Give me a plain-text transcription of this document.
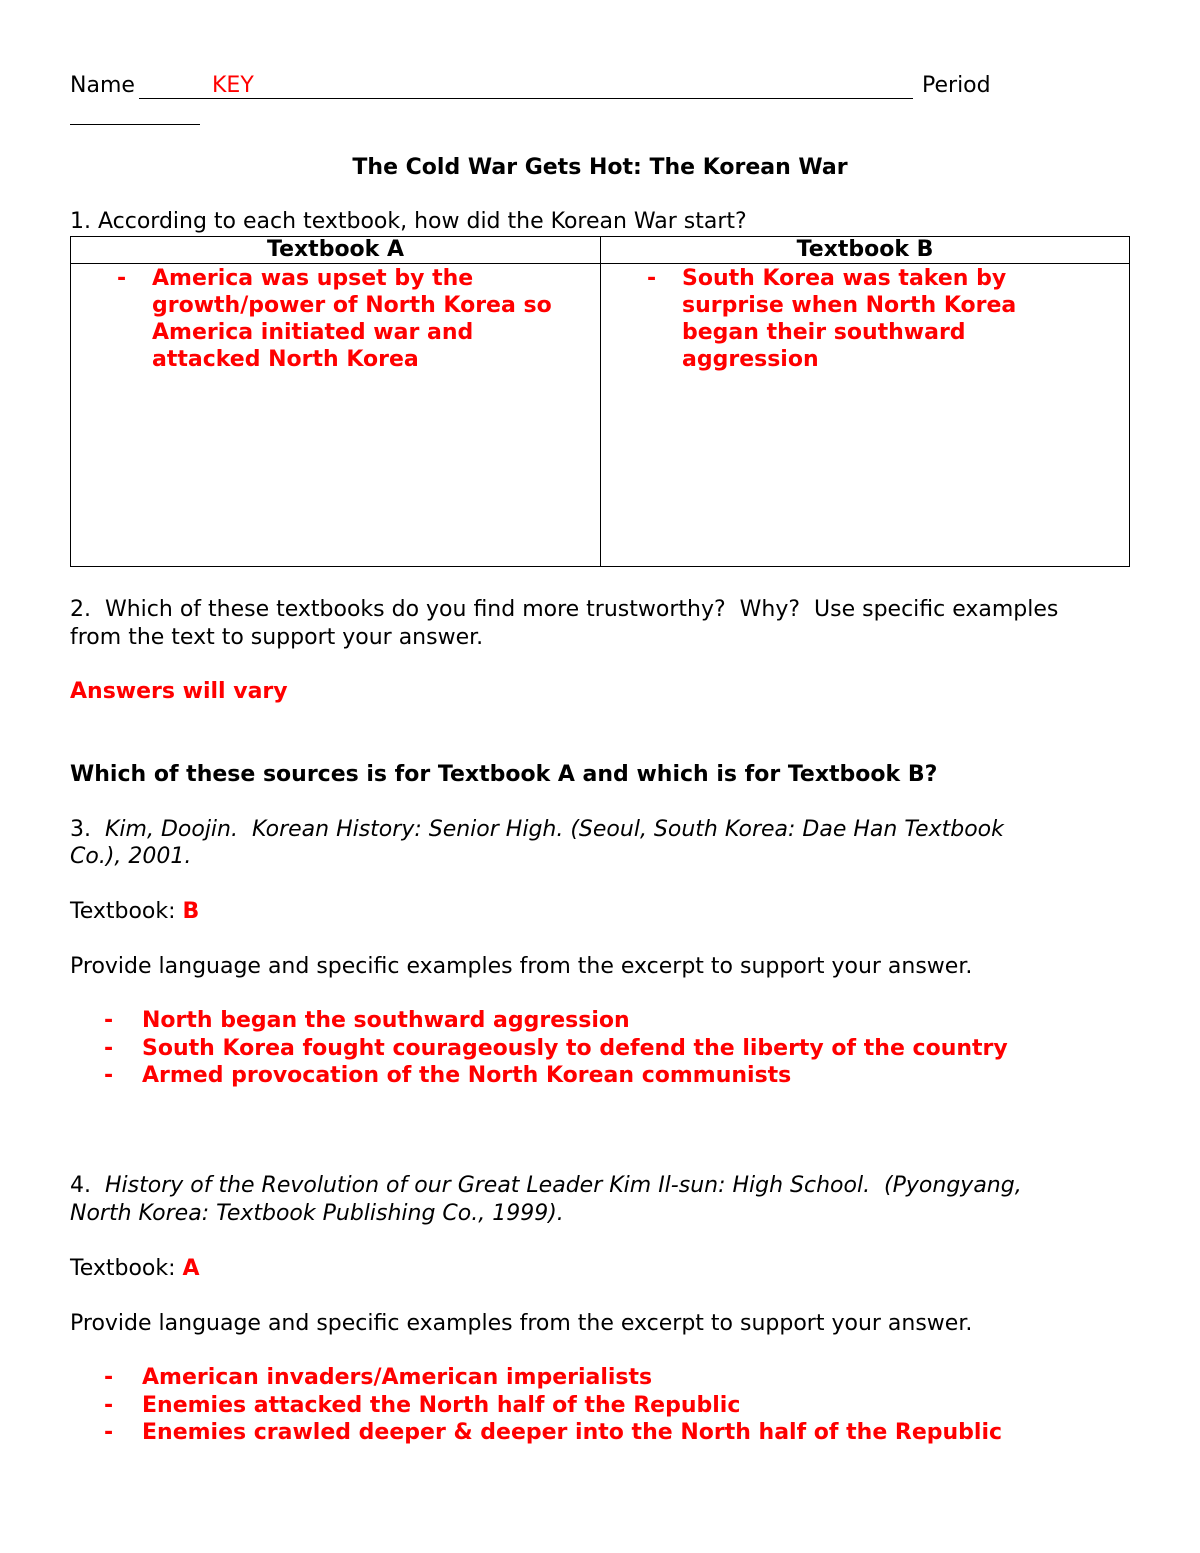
Name	KEY	Period
The Cold War Gets Hot: The Korean War
1. According to each textbook, how did the Korean War start?
Textbook A	Textbook B

- America was upset by the growth/power of North Korea so America initiated war and attacked North Korea	- South Korea was taken by surprise when North Korea began their southward aggression
2.  Which of these textbooks do you find more trustworthy?  Why?  Use specific examples
from the text to support your answer.
Answers will vary
Which of these sources is for Textbook A and which is for Textbook B?
3. Kim, Doojin.  Korean History: Senior High. (Seoul, South Korea: Dae Han Textbook
Co.), 2001.
Textbook: B
Provide language and specific examples from the excerpt to support your answer.
-	North began the southward aggression
-	South Korea fought courageously to defend the liberty of the country
-	Armed provocation of the North Korean communists
4. History of the Revolution of our Great Leader Kim Il-sun: High School.  (Pyongyang,
North Korea: Textbook Publishing Co., 1999).
Textbook: A
Provide language and specific examples from the excerpt to support your answer.
-	American invaders/American imperialists
-	Enemies attacked the North half of the Republic
-	Enemies crawled deeper & deeper into the North half of the Republic
